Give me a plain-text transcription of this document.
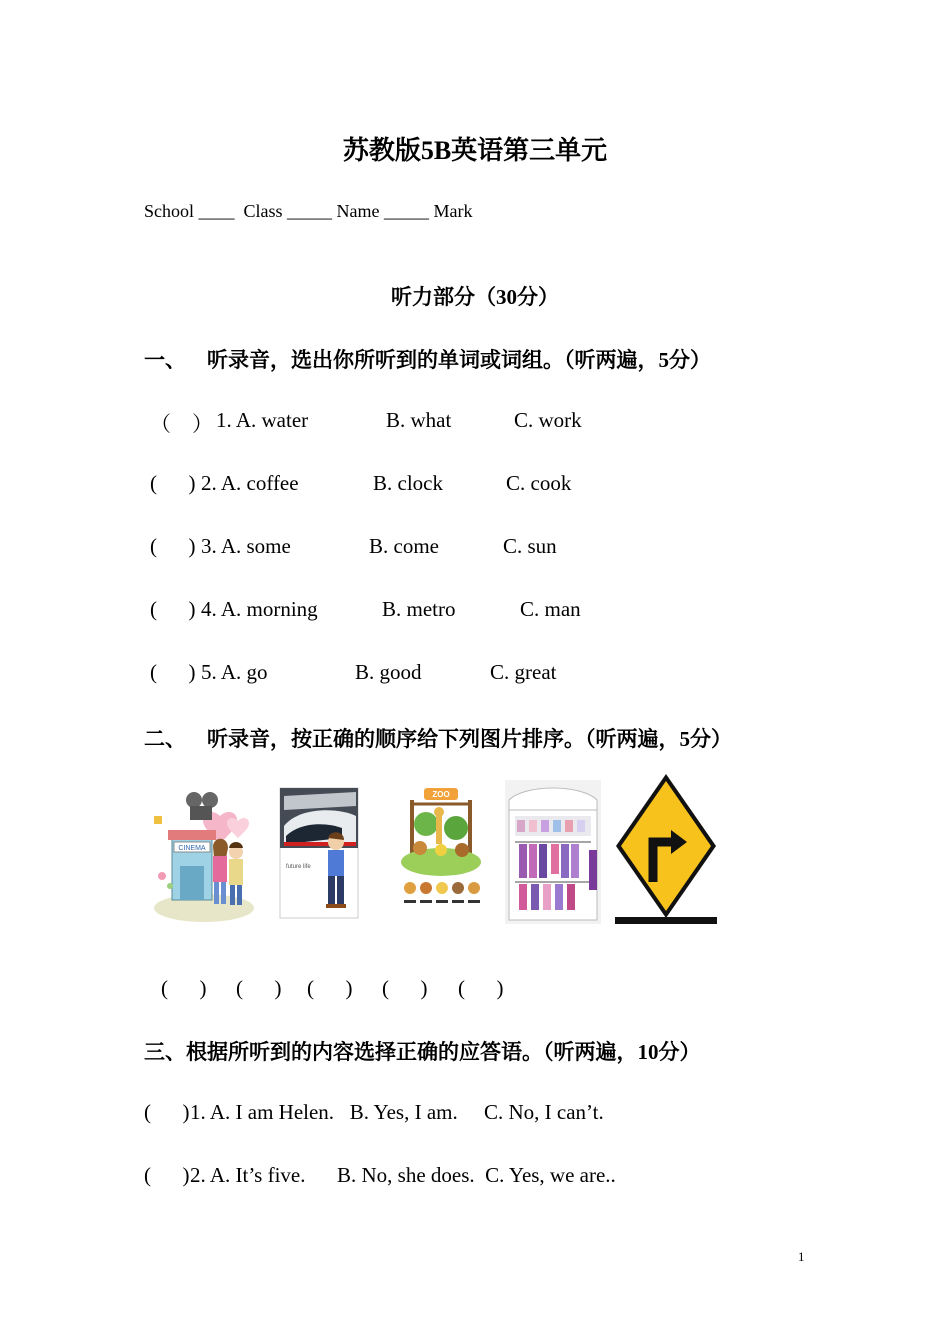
苏教版5B英语第三单元
School ____  Class _____ Name _____ Mark
听力部分（30分）
一、    听录音，选出你所听到的单词或词组。（听两遍，5分）
（    ） 1. A. water	B. what	C. work
(      ) 2. A. coffee	B. clock	C. cook
(      ) 3. A. some	B. come	C. sun
(      ) 4. A. morning	B. metro	C. man
(      ) 5. A. go	B. good	C. great
二、    听录音，按正确的顺序给下列图片排序。（听两遍，5分）
CINEMA
future life
ZOO
(      ) (      ) (      ) (      ) (      )
三、根据所听到的内容选择正确的应答语。（听两遍，10分）
(      ) 1. A. I am Helen.   B. Yes, I am.     C. No, I can’t.
(      ) 2. A. It’s five.      B. No, she does.  C. Yes, we are..
1
